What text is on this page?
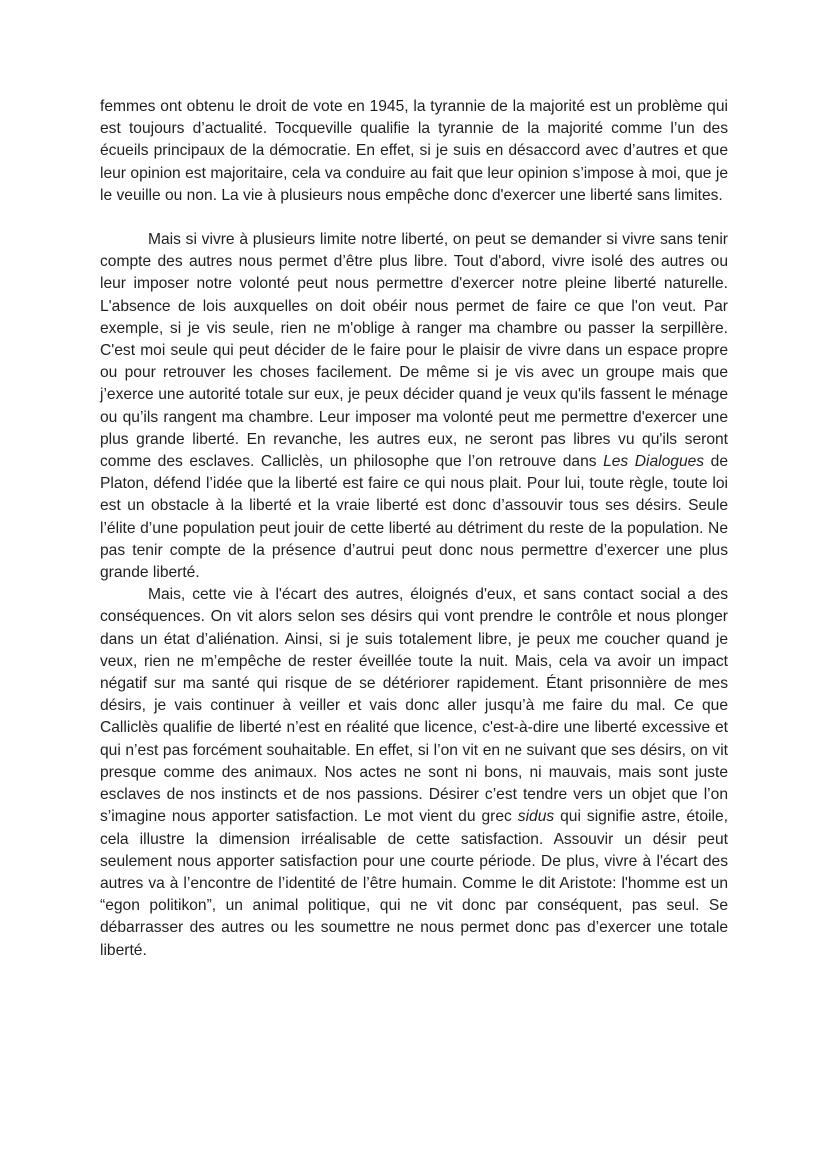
femmes ont obtenu le droit de vote en 1945, la tyrannie de la majorité est un problème qui est toujours d’actualité. Tocqueville qualifie la tyrannie de la majorité comme l’un des écueils principaux de la démocratie. En effet, si je suis en désaccord avec d’autres et que leur opinion est majoritaire, cela va conduire au fait que leur opinion s’impose à moi, que je le veuille ou non. La vie à plusieurs nous empêche donc d'exercer une liberté sans limites.

Mais si vivre à plusieurs limite notre liberté, on peut se demander si vivre sans tenir compte des autres nous permet d’être plus libre. Tout d'abord, vivre isolé des autres ou leur imposer notre volonté peut nous permettre d'exercer notre pleine liberté naturelle. L'absence de lois auxquelles on doit obéir nous permet de faire ce que l'on veut. Par exemple, si je vis seule, rien ne m'oblige à ranger ma chambre ou passer la serpillère. C'est moi seule qui peut décider de le faire pour le plaisir de vivre dans un espace propre ou pour retrouver les choses facilement. De même si je vis avec un groupe mais que j’exerce une autorité totale sur eux, je peux décider quand je veux qu'ils fassent le ménage ou qu’ils rangent ma chambre. Leur imposer ma volonté peut me permettre d'exercer une plus grande liberté. En revanche, les autres eux, ne seront pas libres vu qu'ils seront comme des esclaves. Calliclès, un philosophe que l’on retrouve dans Les Dialogues de Platon, défend l’idée que la liberté est faire ce qui nous plait. Pour lui, toute règle, toute loi est un obstacle à la liberté et la vraie liberté est donc d’assouvir tous ses désirs. Seule l’élite d’une population peut jouir de cette liberté au détriment du reste de la population. Ne pas tenir compte de la présence d’autrui peut donc nous permettre d’exercer une plus grande liberté.

Mais, cette vie à l'écart des autres, éloignés d'eux, et sans contact social a des conséquences. On vit alors selon ses désirs qui vont prendre le contrôle et nous plonger dans un état d’aliénation. Ainsi, si je suis totalement libre, je peux me coucher quand je veux, rien ne m’empêche de rester éveillée toute la nuit. Mais, cela va avoir un impact négatif sur ma santé qui risque de se détériorer rapidement. Étant prisonnière de mes désirs, je vais continuer à veiller et vais donc aller jusqu’à me faire du mal. Ce que Calliclès qualifie de liberté n’est en réalité que licence, c'est-à-dire une liberté excessive et qui n’est pas forcément souhaitable. En effet, si l’on vit en ne suivant que ses désirs, on vit presque comme des animaux. Nos actes ne sont ni bons, ni mauvais, mais sont juste esclaves de nos instincts et de nos passions. Désirer c’est tendre vers un objet que l’on s’imagine nous apporter satisfaction. Le mot vient du grec sidus qui signifie astre, étoile, cela illustre la dimension irréalisable de cette satisfaction. Assouvir un désir peut seulement nous apporter satisfaction pour une courte période. De plus, vivre à l'écart des autres va à l’encontre de l’identité de l’être humain. Comme le dit Aristote: l'homme est un “egon politikon”, un animal politique, qui ne vit donc par conséquent, pas seul. Se débarrasser des autres ou les soumettre ne nous permet donc pas d’exercer une totale liberté.
